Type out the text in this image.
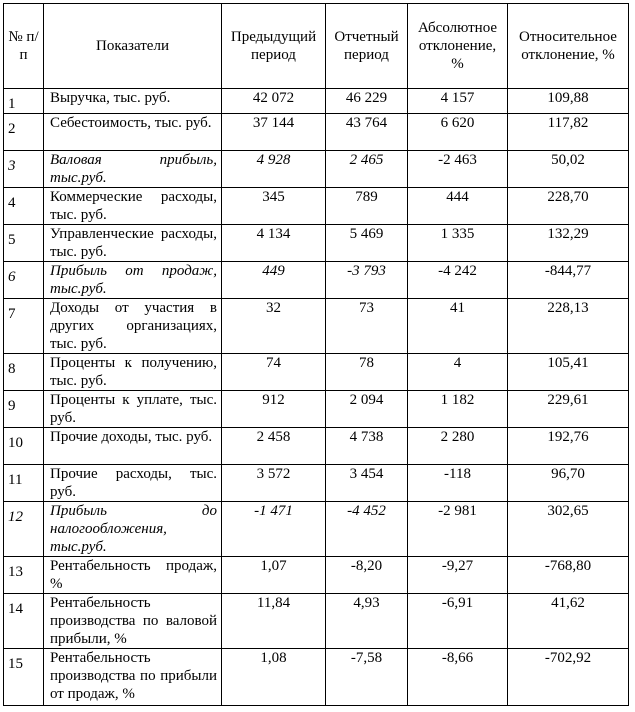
№ п/п	Показатели	Предыдущий период	Отчетный период	Абсолютное отклонение, %	Относительное отклонение, %
1	Выручка, тыс. руб.	42 072	46 229	4 157	109,88
2	Себестоимость, тыс. руб.	37 144	43 764	6 620	117,82
3	Валовая прибыль, тыс.руб.	4 928	2 465	-2 463	50,02
4	Коммерческие расходы, тыс. руб.	345	789	444	228,70
5	Управленческие расходы, тыс. руб.	4 134	5 469	1 335	132,29
6	Прибыль от продаж, тыс.руб.	449	-3 793	-4 242	-844,77
7	Доходы от участия в других организациях, тыс. руб.	32	73	41	228,13
8	Проценты к получению, тыс. руб.	74	78	4	105,41
9	Проценты к уплате, тыс. руб.	912	2 094	1 182	229,61
10	Прочие доходы, тыс. руб.	2 458	4 738	2 280	192,76
11	Прочие расходы, тыс. руб.	3 572	3 454	-118	96,70
12	Прибыль до налогообложения, тыс.руб.	-1 471	-4 452	-2 981	302,65
13	Рентабельность продаж, %	1,07	-8,20	-9,27	-768,80
14	Рентабельность производства по валовой прибыли, %	11,84	4,93	-6,91	41,62
15	Рентабельность производства по прибыли от продаж, %	1,08	-7,58	-8,66	-702,92
